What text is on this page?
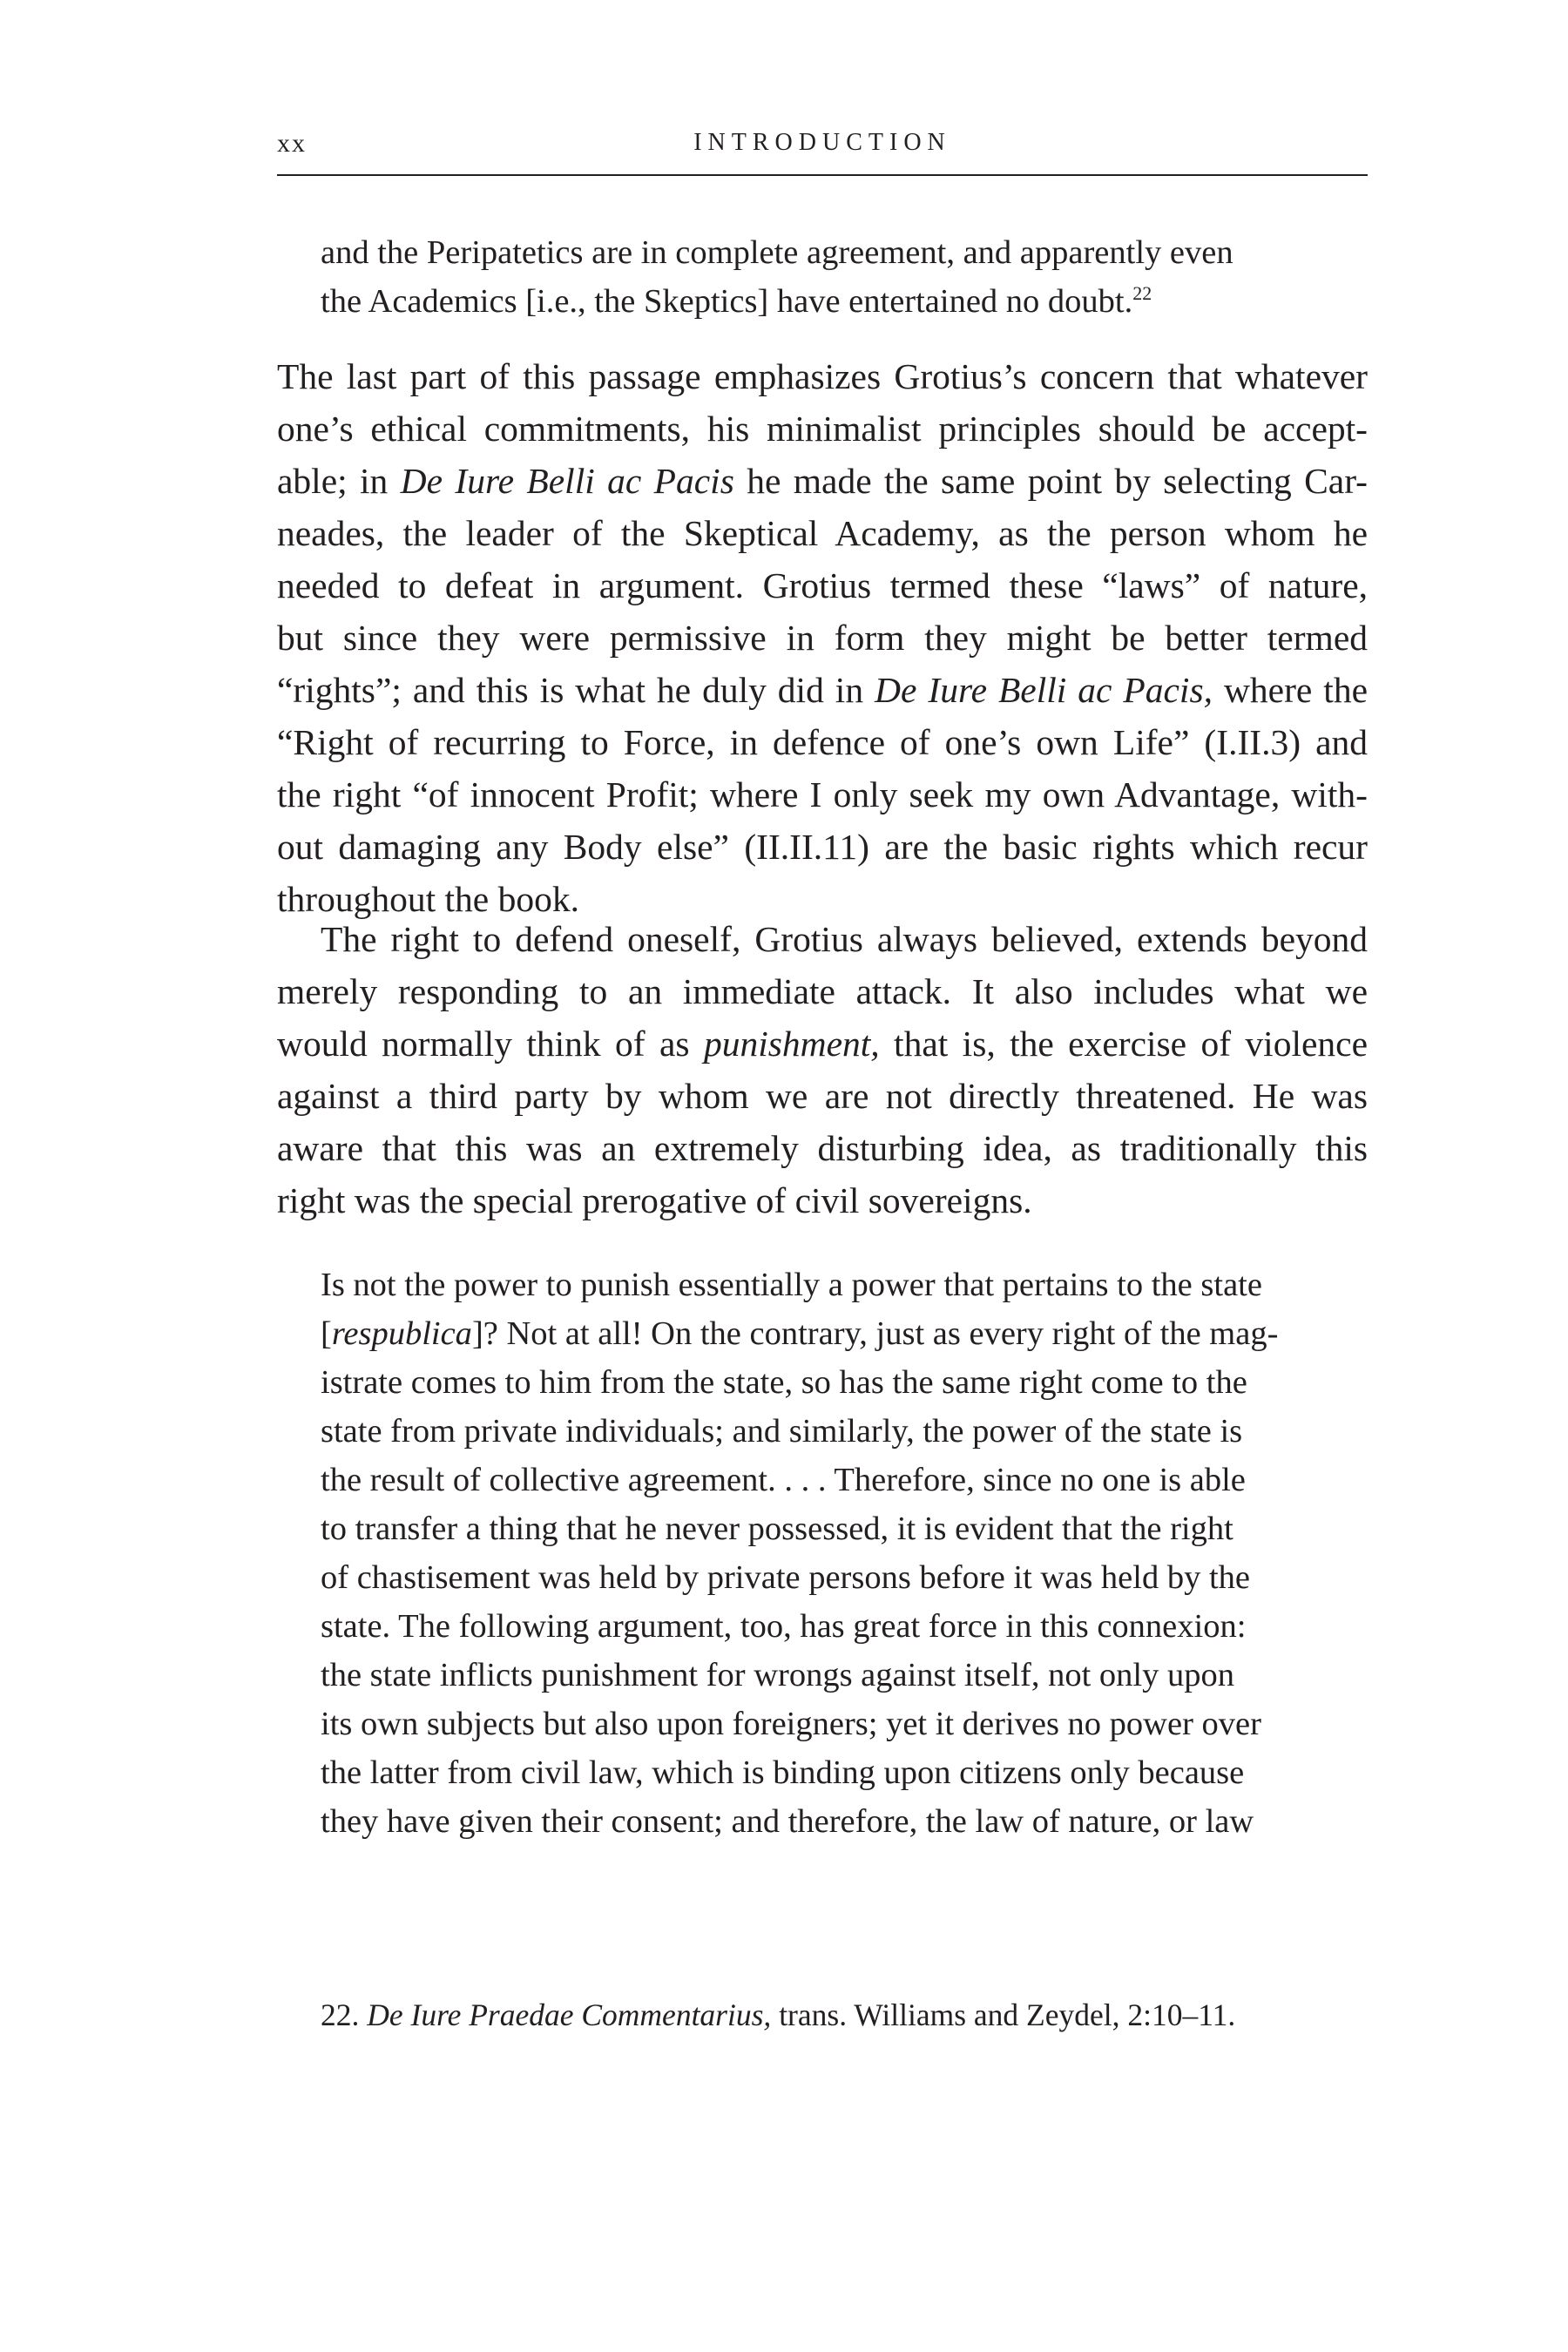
xx	INTRODUCTION
and the Peripatetics are in complete agreement, and apparently even
the Academics [i.e., the Skeptics] have entertained no doubt.$^{22}$
The last part of this passage emphasizes Grotius’s concern that whatever
one’s ethical commitments, his minimalist principles should be accept-
able; in De Iure Belli ac Pacis he made the same point by selecting Car-
neades, the leader of the Skeptical Academy, as the person whom he
needed to defeat in argument. Grotius termed these “laws” of nature,
but since they were permissive in form they might be better termed
“rights”; and this is what he duly did in De Iure Belli ac Pacis, where the
“Right of recurring to Force, in defence of one’s own Life” (I.II.3) and
the right “of innocent Profit; where I only seek my own Advantage, with-
out damaging any Body else” (II.II.11) are the basic rights which recur
throughout the book.
The right to defend oneself, Grotius always believed, extends beyond
merely responding to an immediate attack. It also includes what we
would normally think of as punishment, that is, the exercise of violence
against a third party by whom we are not directly threatened. He was
aware that this was an extremely disturbing idea, as traditionally this
right was the special prerogative of civil sovereigns.
Is not the power to punish essentially a power that pertains to the state
[respublica]? Not at all! On the contrary, just as every right of the mag-
istrate comes to him from the state, so has the same right come to the
state from private individuals; and similarly, the power of the state is
the result of collective agreement. . . . Therefore, since no one is able
to transfer a thing that he never possessed, it is evident that the right
of chastisement was held by private persons before it was held by the
state. The following argument, too, has great force in this connexion:
the state inflicts punishment for wrongs against itself, not only upon
its own subjects but also upon foreigners; yet it derives no power over
the latter from civil law, which is binding upon citizens only because
they have given their consent; and therefore, the law of nature, or law
22. De Iure Praedae Commentarius, trans. Williams and Zeydel, 2:10–11.
